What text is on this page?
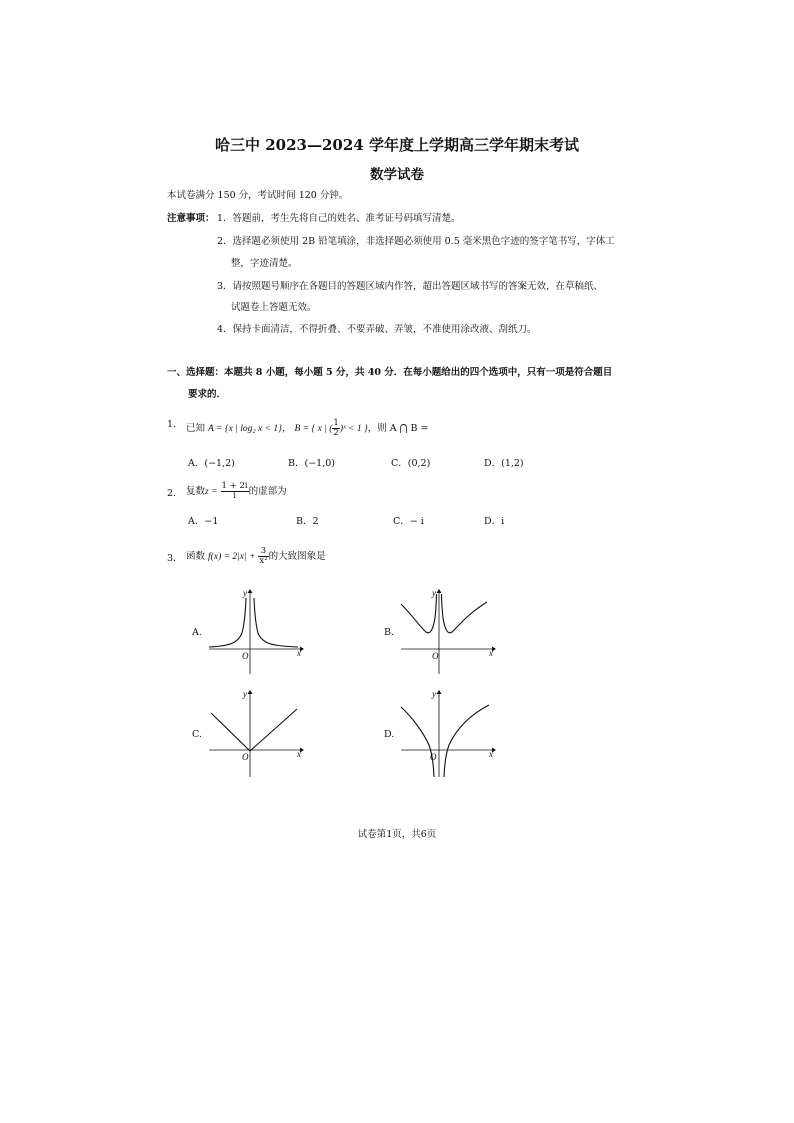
哈三中 2023—2024 学年度上学期高三学年期末考试
数学试卷
本试卷满分 150 分，考试时间 120 分钟。
注意事项： 1．答题前，考生先将自己的姓名、准考证号码填写清楚。
2．选择题必须使用 2B 铅笔填涂，非选择题必须使用 0.5 毫米黑色字迹的签字笔书写，字体工
整，字迹清楚。
3．请按照题号顺序在各题目的答题区域内作答，超出答题区域书写的答案无效，在草稿纸、
试题卷上答题无效。
4．保持卡面清洁，不得折叠、不要弄破、弄皱，不准使用涂改液、刮纸刀。
一、选择题：本题共 8 小题，每小题 5 分，共 40 分．在每小题给出的四个选项中，只有一项是符合题目
要求的．
1. 已知 A = {x | log₂ x < 1}， B = { x | ( $\frac{1}{2}$ )ˣ < 1 }，则 A ⋂ B =
A．(−1,2)	B．(−1,0)	C．(0,2)	D．(1,2)
2. 复数$z = \frac{1 + 2i}{i}$ 的虚部为
A．−1	B．2	C．− i	D．i
3. 函数 $f(x) = 2|x| + \frac{3}{\text{x²}}$ 的大致图象是
A.	B.
C.	D.
O	x
y
O	x
y
O	x
y
O	x
y
试卷第1页，共6页
